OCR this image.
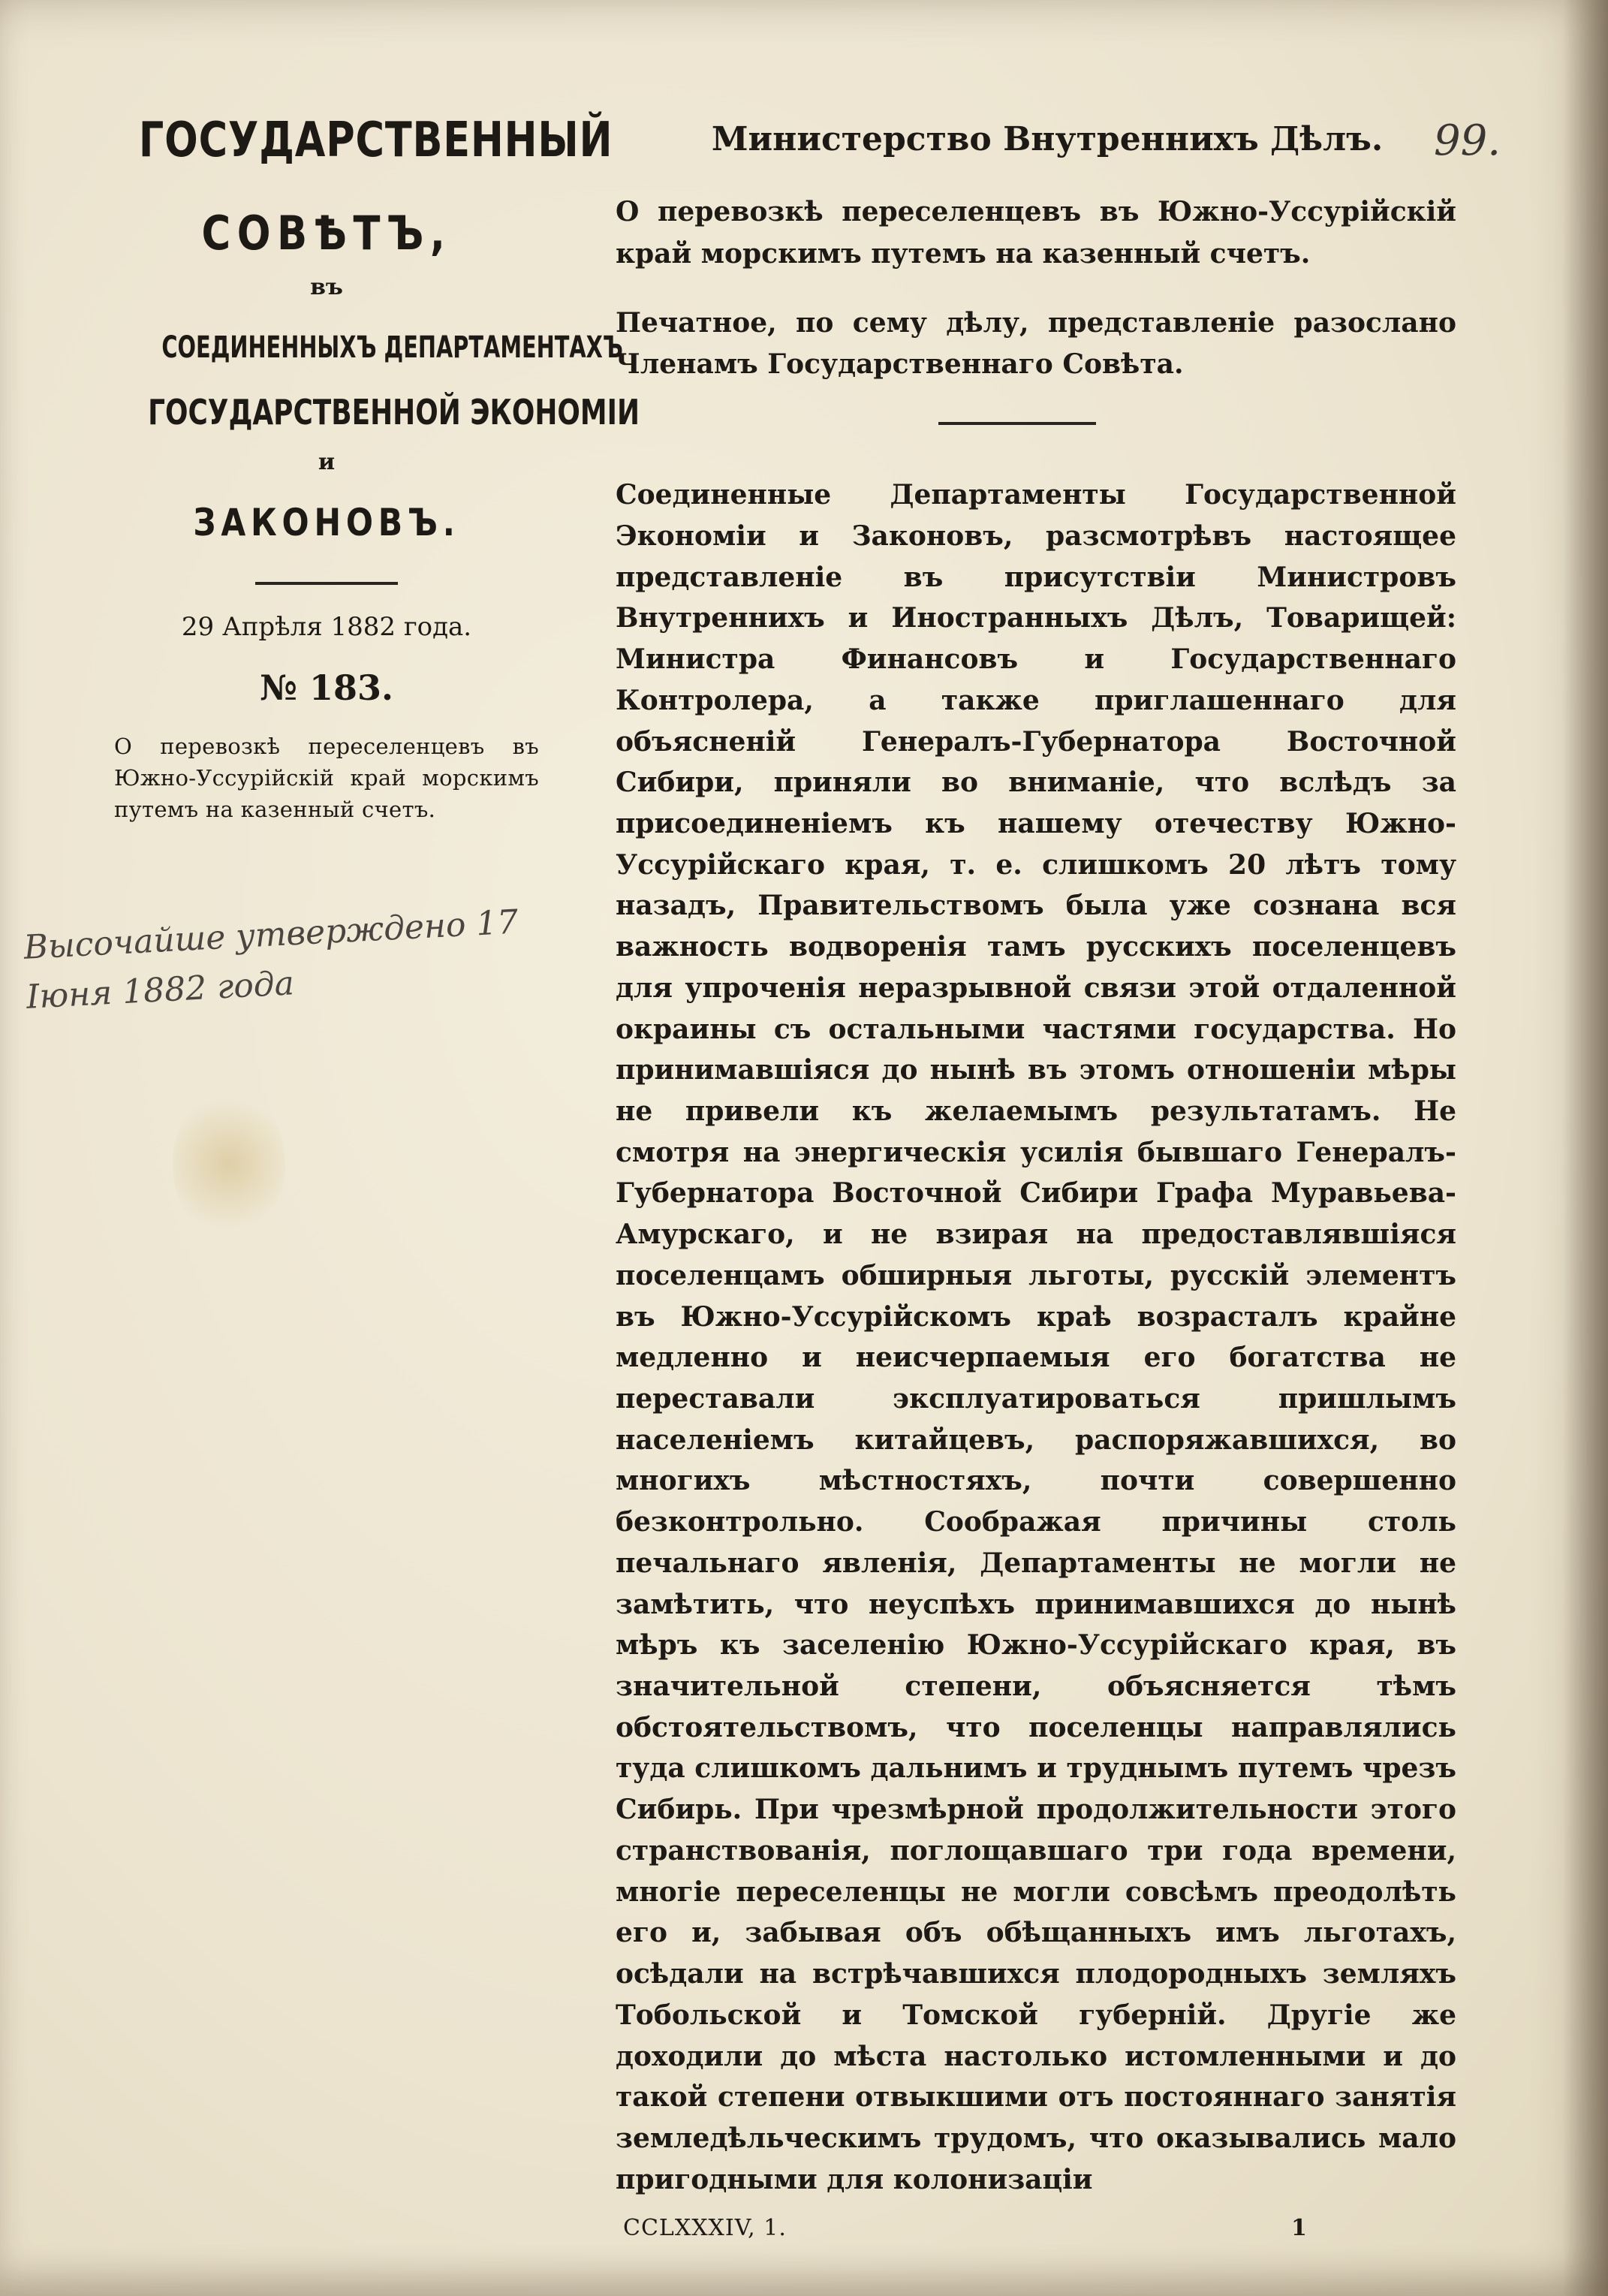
ГОСУДАРСТВЕННЫЙ
СОВѢТЪ,
въ
СОЕДИНЕННЫХЪ ДЕПАРТАМЕНТАХЪ
ГОСУДАРСТВЕННОЙ ЭКОНОМІИ
и
ЗАКОНОВЪ.
29 Апрѣля 1882 года.
№ 183.
О перевозкѣ переселенцевъ въ Южно-Уссурійскій край морскимъ путемъ на казенный счетъ.
Высочайше утверждено 17 Іюня 1882 года
99.
Министерство Внутреннихъ Дѣлъ.
О перевозкѣ переселенцевъ въ Южно-Уссурійскій край морскимъ путемъ на казенный счетъ.
Печатное, по сему дѣлу, представленіе разослано Членамъ Государственнаго Совѣта.

Соединенные Департаменты Государственной Экономіи и Законовъ, разсмотрѣвъ настоящее представленіе въ присутствіи Министровъ Внутреннихъ и Иностранныхъ Дѣлъ, Товарищей: Министра Финансовъ и Государственнаго Контролера, а также приглашеннаго для объясненій Генералъ-Губернатора Восточной Сибири, приняли во вниманіе, что вслѣдъ за присоединеніемъ къ нашему отечеству Южно-Уссурійскаго края, т. е. слишкомъ 20 лѣтъ тому назадъ, Правительствомъ была уже сознана вся важность водворенія тамъ русскихъ поселенцевъ для упроченія неразрывной связи этой отдаленной окраины съ остальными частями государства. Но принимавшіяся до нынѣ въ этомъ отношеніи мѣры не привели къ желаемымъ результатамъ. Не смотря на энергическія усилія бывшаго Генералъ-Губернатора Восточной Сибири Графа Муравьева-Амурскаго, и не взирая на предоставлявшіяся поселенцамъ обширныя льготы, русскій элементъ въ Южно-Уссурійскомъ краѣ возрасталъ крайне медленно и неисчерпаемыя его богатства не переставали эксплуатироваться пришлымъ населеніемъ китайцевъ, распоряжавшихся, во многихъ мѣстностяхъ, почти совершенно безконтрольно. Соображая причины столь печальнаго явленія, Департаменты не могли не замѣтить, что неуспѣхъ принимавшихся до нынѣ мѣръ къ заселенію Южно-Уссурійскаго края, въ значительной степени, объясняется тѣмъ обстоятельствомъ, что поселенцы направлялись туда слишкомъ дальнимъ и труднымъ путемъ чрезъ Сибирь. При чрезмѣрной продолжительности этого странствованія, поглощавшаго три года времени, многіе переселенцы не могли совсѣмъ преодолѣть его и, забывая объ обѣщанныхъ имъ льготахъ, осѣдали на встрѣчавшихся плодородныхъ земляхъ Тобольской и Томской губерній. Другіе же доходили до мѣста настолько истомленными и до такой степени отвыкшими отъ постояннаго занятія земледѣльческимъ трудомъ, что оказывались мало пригодными для колонизаціи

CCLXXXIV, 1.	1
